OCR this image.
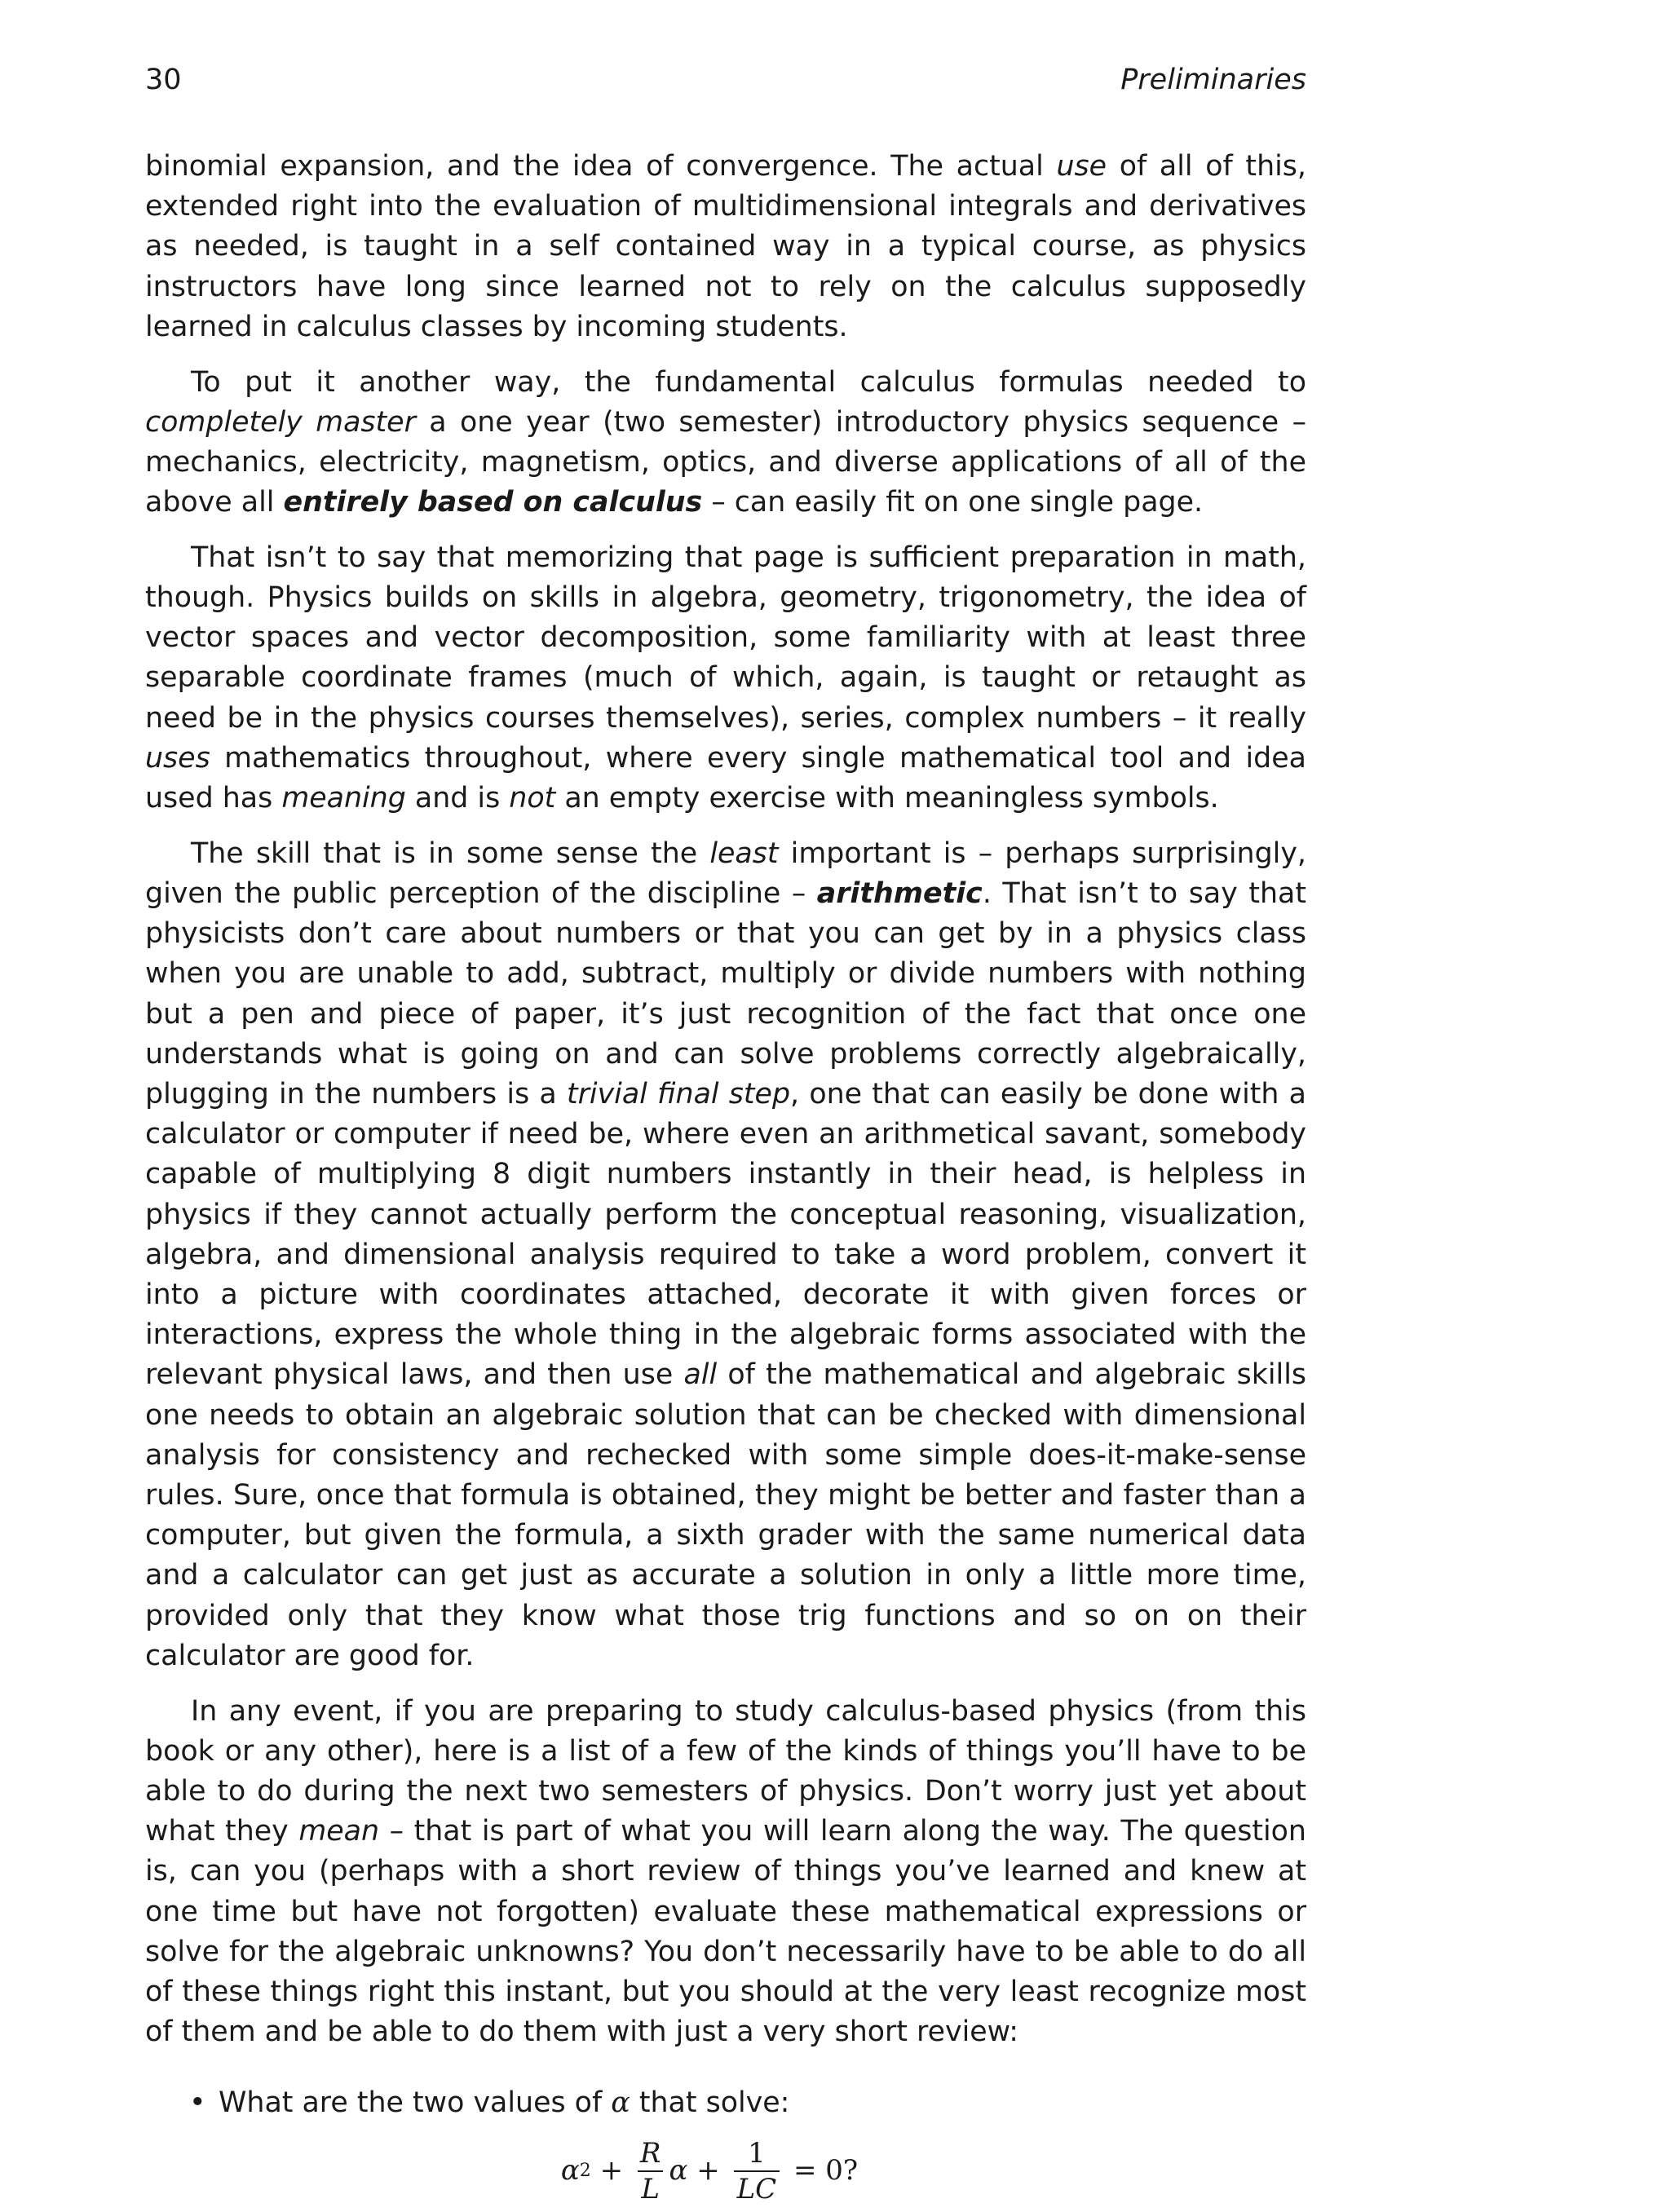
30	Preliminaries

binomial expansion, and the idea of convergence. The actual use of all of this, extended right into the evaluation of multidimensional integrals and derivatives as needed, is taught in a self contained way in a typical course, as physics instructors have long since learned not to rely on the calculus supposedly learned in calculus classes by incoming students.

To put it another way, the fundamental calculus formulas needed to completely master a one year (two semester) introductory physics sequence – mechanics, electricity, magnetism, optics, and diverse applications of all of the above all entirely based on calculus – can easily fit on one single page.

That isn’t to say that memorizing that page is sufficient preparation in math, though. Physics builds on skills in algebra, geometry, trigonometry, the idea of vector spaces and vector decomposition, some familiarity with at least three separable coordinate frames (much of which, again, is taught or retaught as need be in the physics courses themselves), series, complex numbers – it really uses mathematics throughout, where every single mathematical tool and idea used has meaning and is not an empty exercise with meaningless symbols.

The skill that is in some sense the least important is – perhaps surprisingly, given the public perception of the discipline – arithmetic. That isn’t to say that physicists don’t care about numbers or that you can get by in a physics class when you are unable to add, subtract, multiply or divide numbers with nothing but a pen and piece of paper, it’s just recognition of the fact that once one understands what is going on and can solve problems correctly algebraically, plugging in the numbers is a trivial final step, one that can easily be done with a calculator or computer if need be, where even an arithmetical savant, somebody capable of multiplying 8 digit numbers instantly in their head, is helpless in physics if they cannot actually perform the conceptual reasoning, visualization, algebra, and dimensional analysis required to take a word problem, convert it into a picture with coordinates attached, decorate it with given forces or interactions, express the whole thing in the algebraic forms associated with the relevant physical laws, and then use all of the mathematical and algebraic skills one needs to obtain an algebraic solution that can be checked with dimensional analysis for consistency and rechecked with some simple does-it-make-sense rules. Sure, once that formula is obtained, they might be better and faster than a computer, but given the formula, a sixth grader with the same numerical data and a calculator can get just as accurate a solution in only a little more time, provided only that they know what those trig functions and so on on their calculator are good for.

In any event, if you are preparing to study calculus-based physics (from this book or any other), here is a list of a few of the kinds of things you’ll have to be able to do during the next two semesters of physics. Don’t worry just yet about what they mean – that is part of what you will learn along the way. The question is, can you (perhaps with a short review of things you’ve learned and knew at one time but have not forgotten) evaluate these mathematical expressions or solve for the algebraic unknowns? You don’t necessarily have to be able to do all of these things right this instant, but you should at the very least recognize most of them and be able to do them with just a very short review:

• What are the two values of α that solve:
α $2 + \frac{R}{L}$ $\alpha + \frac{1}{LC} = 0$?
